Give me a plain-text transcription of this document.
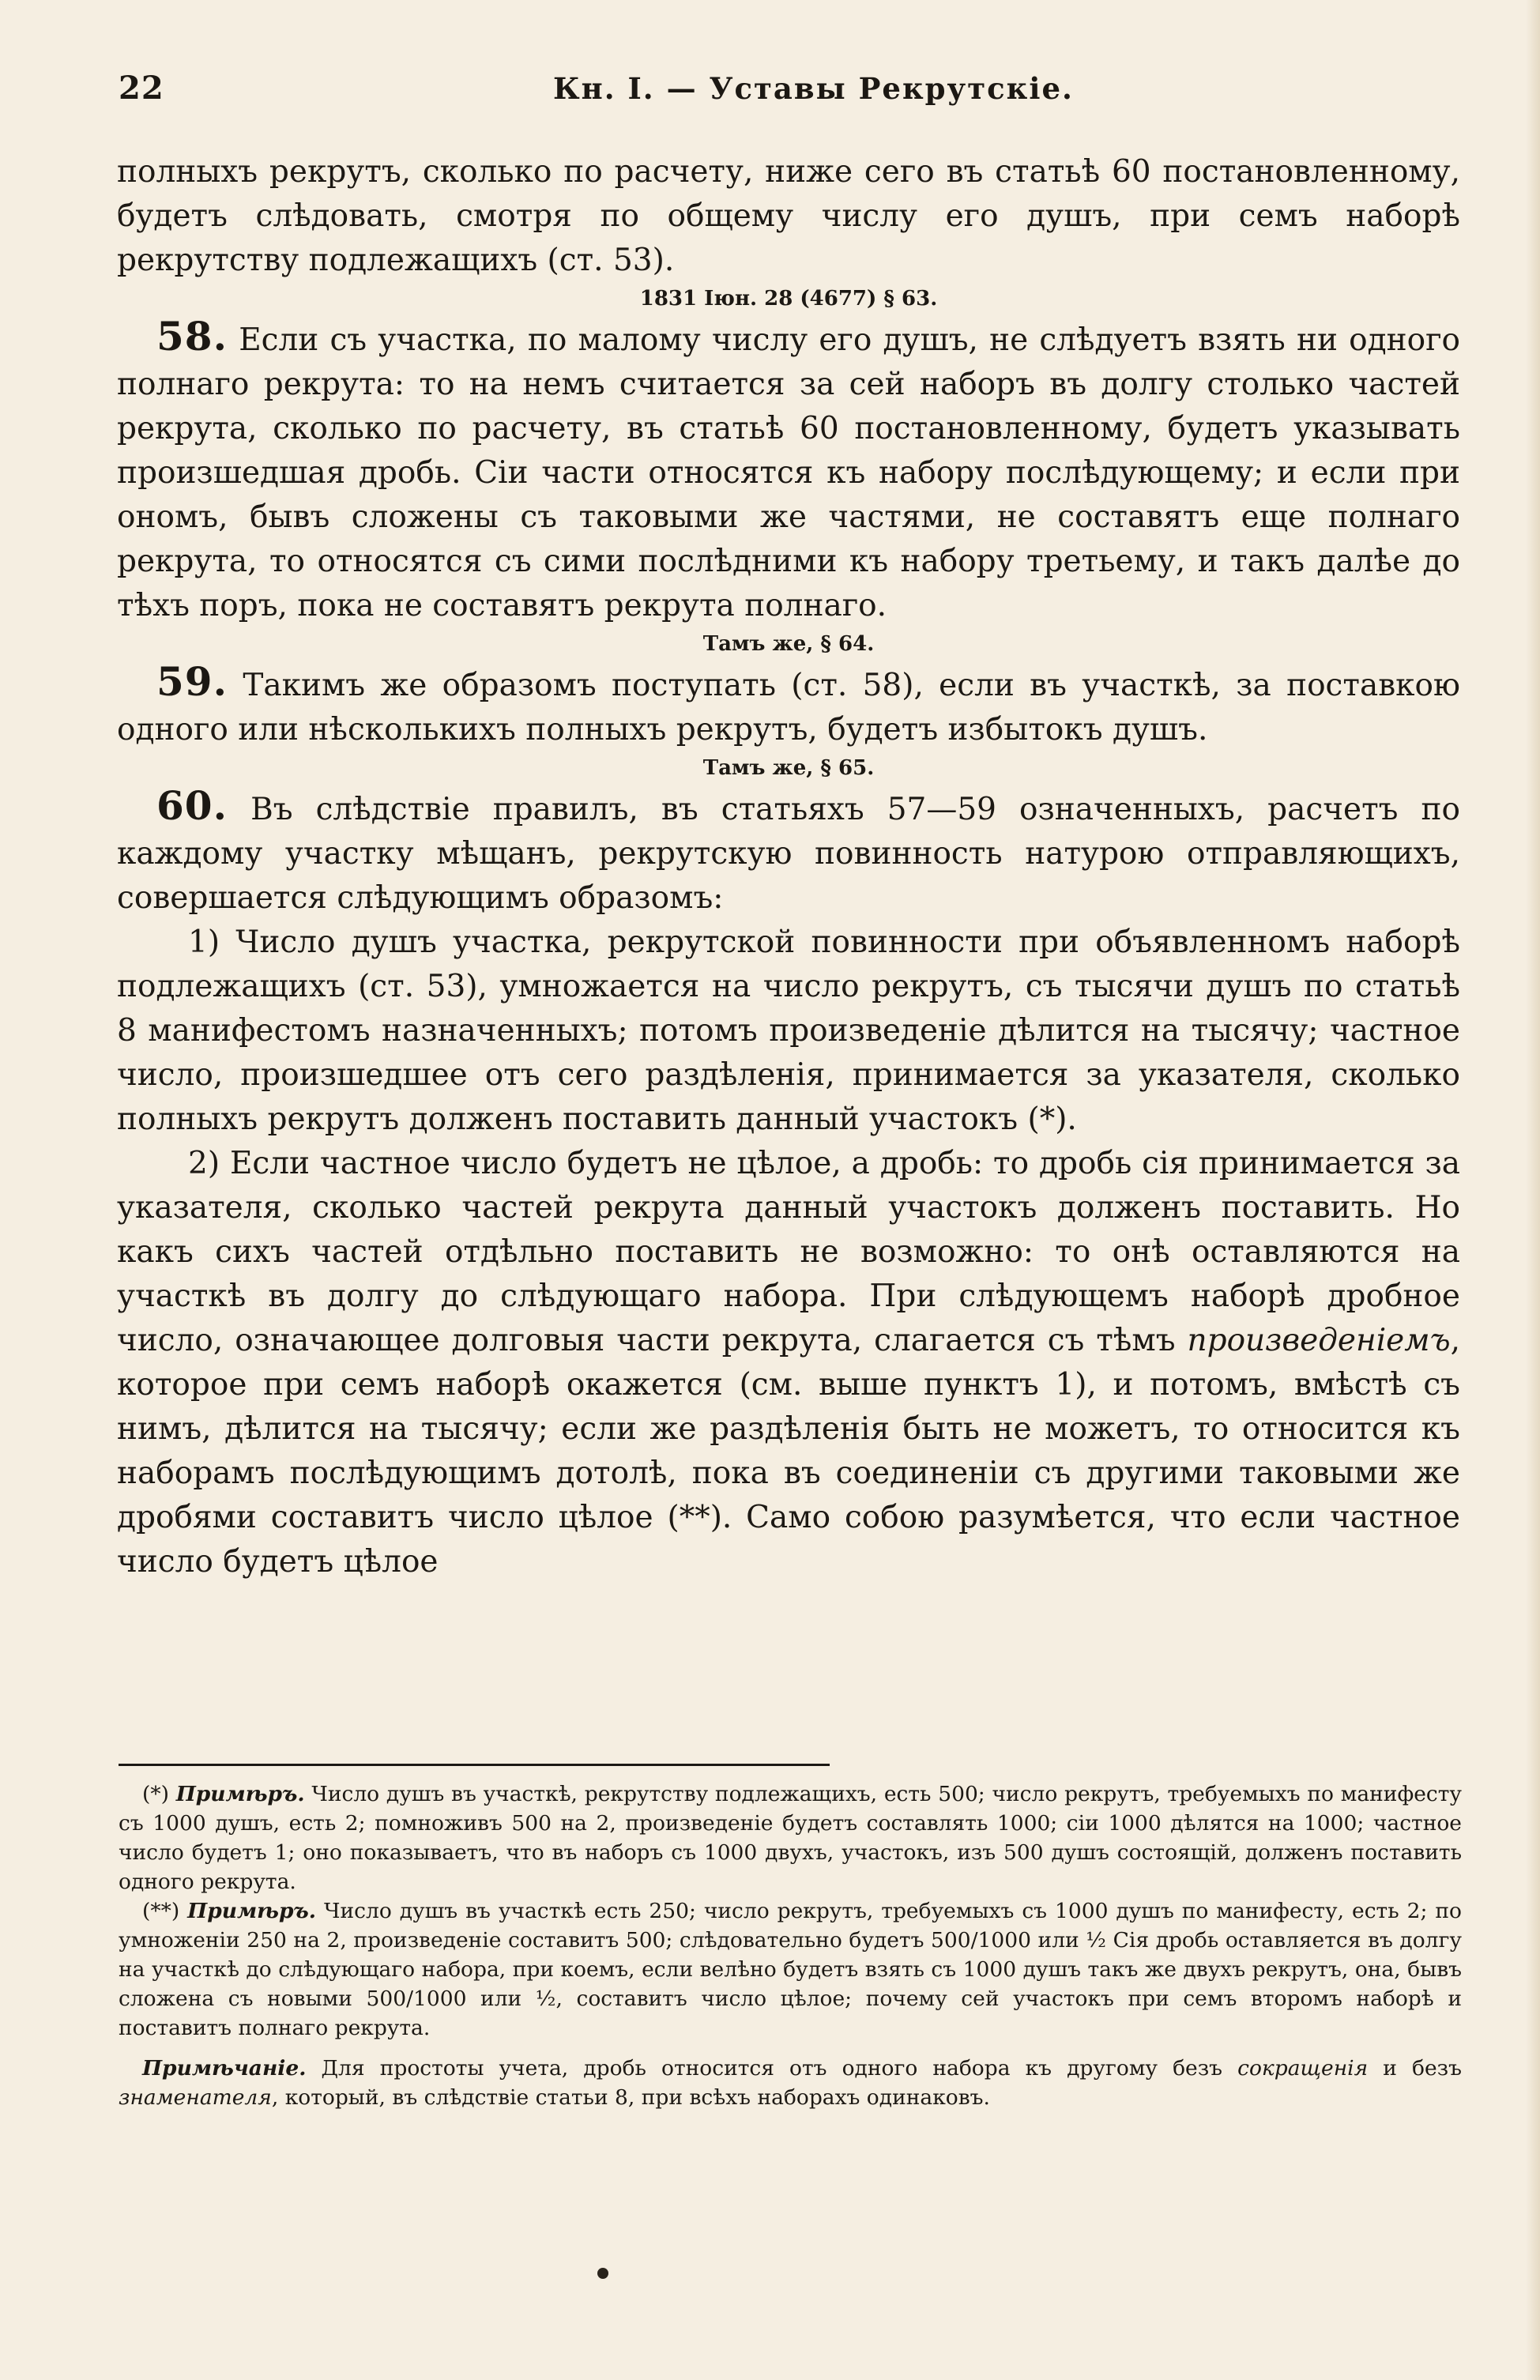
22	Кн. I. — Уставы Рекрутскіе.

полныхъ рекрутъ, сколько по расчету, ниже сего въ статьѣ 60 постановленному, будетъ слѣдовать, смотря по общему числу его душъ, при семъ наборѣ рекрутству подлежащихъ (ст. 53).

1831 Іюн. 28 (4677) § 63.

58. Если съ участка, по малому числу его душъ, не слѣдуетъ взять ни одного полнаго рекрута: то на немъ считается за сей наборъ въ долгу столько частей рекрута, сколько по расчету, въ статьѣ 60 постановленному, будетъ указывать произшедшая дробь. Сіи части относятся къ набору послѣдующему; и если при ономъ, бывъ сложены съ таковыми же частями, не составятъ еще полнаго рекрута, то относятся съ сими послѣдними къ набору третьему, и такъ далѣе до тѣхъ поръ, пока не составятъ рекрута полнаго.

Тамъ же, § 64.

59. Такимъ же образомъ поступать (ст. 58), если въ участкѣ, за поставкою одного или нѣсколькихъ полныхъ рекрутъ, будетъ избытокъ душъ.

Тамъ же, § 65.

60. Въ слѣдствіе правилъ, въ статьяхъ 57—59 означенныхъ, расчетъ по каждому участку мѣщанъ, рекрутскую повинность натурою отправляющихъ, совершается слѣдующимъ образомъ:

1) Число душъ участка, рекрутской повинности при объявленномъ наборѣ подлежащихъ (ст. 53), умножается на число рекрутъ, съ тысячи душъ по статьѣ 8 манифестомъ назначенныхъ; потомъ произведеніе дѣлится на тысячу; частное число, произшедшее отъ сего раздѣленія, принимается за указателя, сколько полныхъ рекрутъ долженъ поставить данный участокъ (*).

2) Если частное число будетъ не цѣлое, а дробь: то дробь сія принимается за указателя, сколько частей рекрута данный участокъ долженъ поставить. Но какъ сихъ частей отдѣльно поставить не возможно: то онѣ оставляются на участкѣ въ долгу до слѣдующаго набора. При слѣдующемъ наборѣ дробное число, означающее долговыя части рекрута, слагается съ тѣмъ произведеніемъ, которое при семъ наборѣ окажется (см. выше пунктъ 1), и потомъ, вмѣстѣ съ нимъ, дѣлится на тысячу; если же раздѣленія быть не можетъ, то относится къ наборамъ послѣдующимъ дотолѣ, пока въ соединеніи съ другими таковыми же дробями составитъ число цѣлое (**). Само собою разумѣется, что если частное число будетъ цѣлое

(*) Примѣръ. Число душъ въ участкѣ, рекрутству подлежащихъ, есть 500; число рекрутъ, требуемыхъ по манифесту съ 1000 душъ, есть 2; помноживъ 500 на 2, произведеніе будетъ составлять 1000; сіи 1000 дѣлятся на 1000; частное число будетъ 1; оно показываетъ, что въ наборъ съ 1000 двухъ, участокъ, изъ 500 душъ состоящій, долженъ поставить одного рекрута.

(**) Примѣръ. Число душъ въ участкѣ есть 250; число рекрутъ, требуемыхъ съ 1000 душъ по манифесту, есть 2; по умноженіи 250 на 2, произведеніе составитъ 500; слѣдовательно будетъ 500/1000 или ½ Сія дробь оставляется въ долгу на участкѣ до слѣдующаго набора, при коемъ, если велѣно будетъ взять съ 1000 душъ такъ же двухъ рекрутъ, она, бывъ сложена съ новыми 500/1000 или ½, составитъ число цѣлое; почему сей участокъ при семъ второмъ наборѣ и поставитъ полнаго рекрута.

Примѣчаніе. Для простоты учета, дробь относится отъ одного набора къ другому безъ сокращенія и безъ знаменателя, который, въ слѣдствіе статьи 8, при всѣхъ наборахъ одинаковъ.
